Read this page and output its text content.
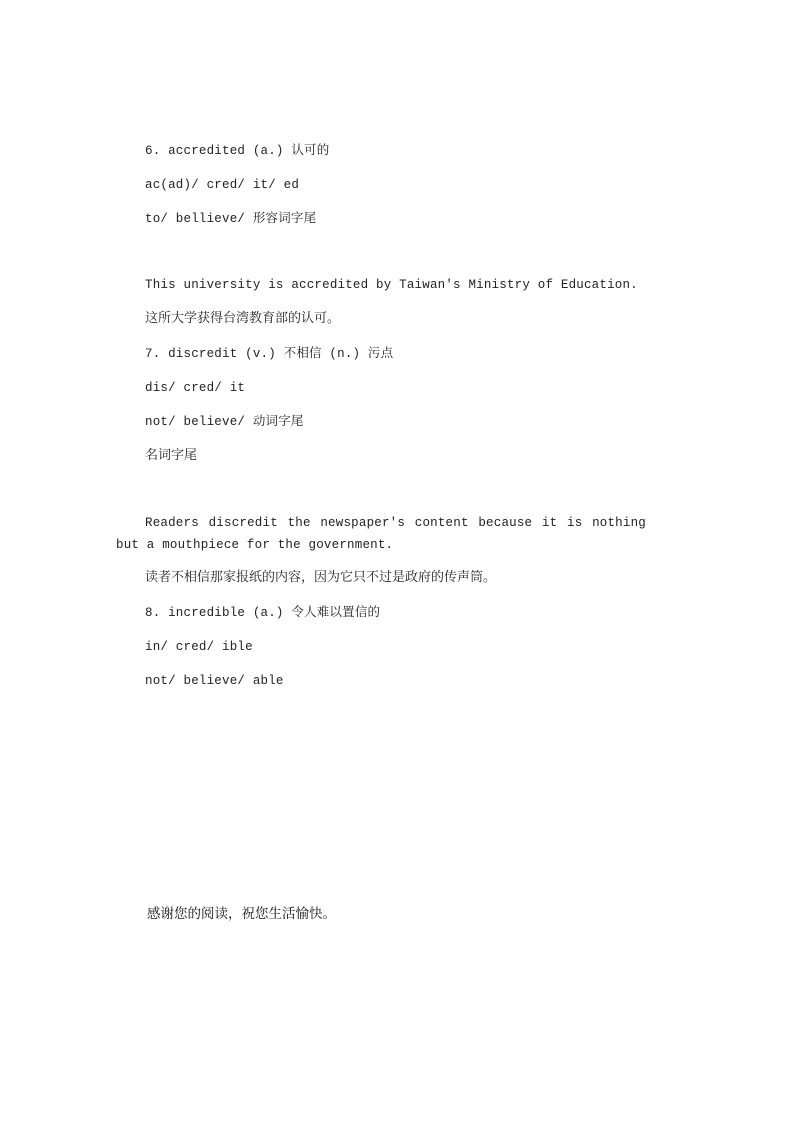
6. accredited (a.) 认可的
ac(ad)/ cred/ it/ ed
to/ bellieve/ 形容词字尾
This university is accredited by Taiwan's Ministry of Education.
这所大学获得台湾教育部的认可。
7. discredit (v.) 不相信 (n.) 污点
dis/ cred/ it
not/ believe/ 动词字尾
名词字尾
Readers discredit the newspaper's content because it is nothing but a mouthpiece for the government.
读者不相信那家报纸的内容，因为它只不过是政府的传声筒。
8. incredible (a.) 令人难以置信的
in/ cred/ ible
not/ believe/ able
感谢您的阅读，祝您生活愉快。
